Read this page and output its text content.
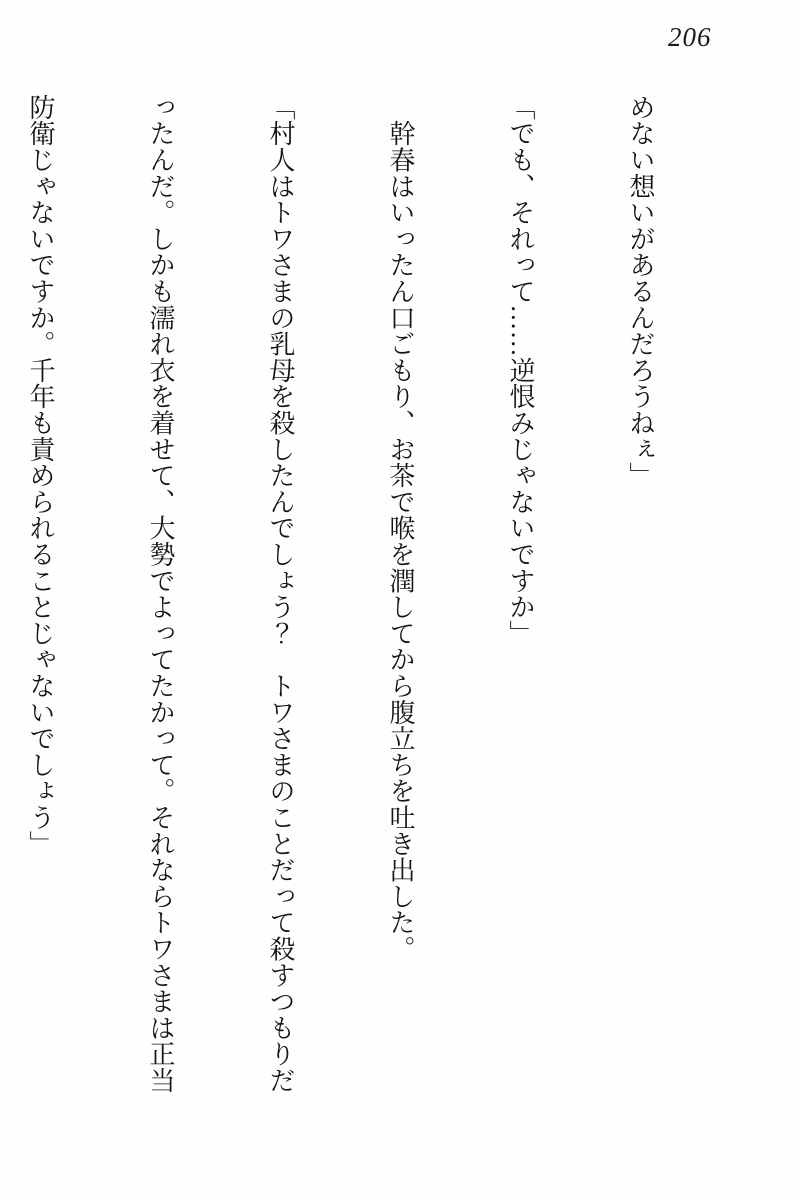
206

めない想いがあるんだろうねぇ」

「でも、それって……逆恨みじゃないですか」

　幹春はいったん口ごもり、お茶で喉を潤してから腹立ちを吐き出した。

「村人はトワさまの乳母を殺したんでしょう？　トワさまのことだって殺すつもりだ

ったんだ。しかも濡れ衣を着せて、大勢でよってたかって。それならトワさまは正当

防衛じゃないですか。千年も責められることじゃないでしょう」
